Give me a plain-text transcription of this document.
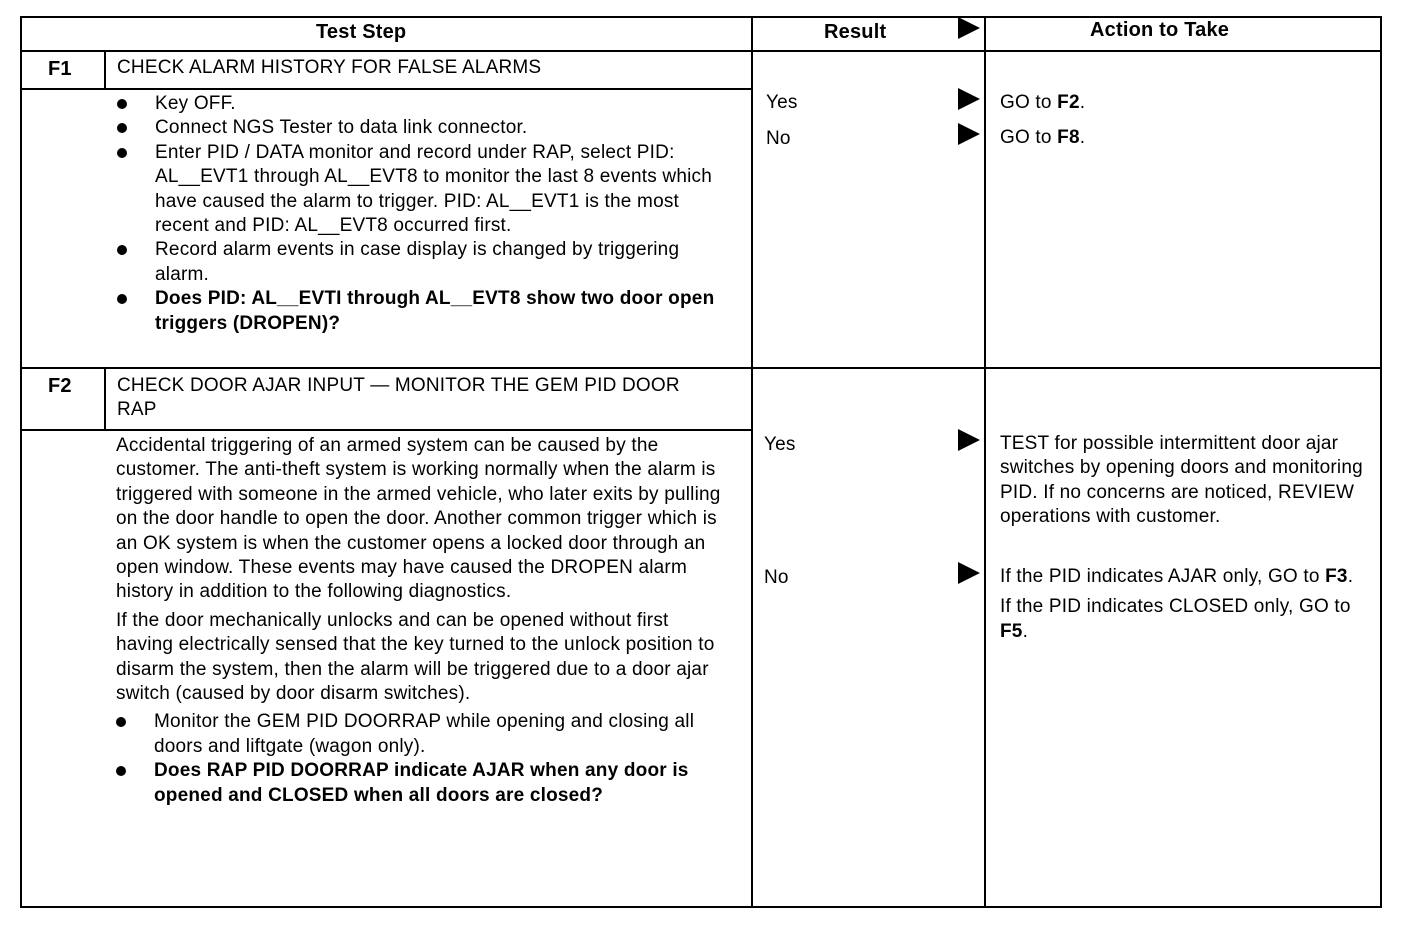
Test Step	Result	Action to Take
F1 CHECK ALARM HISTORY FOR FALSE ALARMS
Key OFF.
Connect NGS Tester to data link connector.
Enter PID / DATA monitor and record under RAP, select PID: AL__EVT1 through AL__EVT8 to monitor the last 8 events which have caused the alarm to trigger. PID: AL__EVT1 is the most recent and PID: AL__EVT8 occurred first.
Record alarm events in case display is changed by triggering alarm.
Does PID: AL__EVTI through AL__EVT8 show two door open triggers (DROPEN)?
Yes	GO to F2.
No	GO to F8.
F2 CHECK DOOR AJAR INPUT — MONITOR THE GEM PID DOOR RAP

Accidental triggering of an armed system can be caused by the customer. The anti-theft system is working normally when the alarm is triggered with someone in the armed vehicle, who later exits by pulling on the door handle to open the door. Another common trigger which is an OK system is when the customer opens a locked door through an open window. These events may have caused the DROPEN alarm history in addition to the following diagnostics.

If the door mechanically unlocks and can be opened without first having electrically sensed that the key turned to the unlock position to disarm the system, then the alarm will be triggered due to a door ajar switch (caused by door disarm switches).

Monitor the GEM PID DOORRAP while opening and closing all doors and liftgate (wagon only).
Does RAP PID DOORRAP indicate AJAR when any door is opened and CLOSED when all doors are closed?
Yes	TEST for possible intermittent door ajar switches by opening doors and monitoring PID. If no concerns are noticed, REVIEW operations with customer.
No	If the PID indicates AJAR only, GO to F3.
If the PID indicates CLOSED only, GO to F5.
